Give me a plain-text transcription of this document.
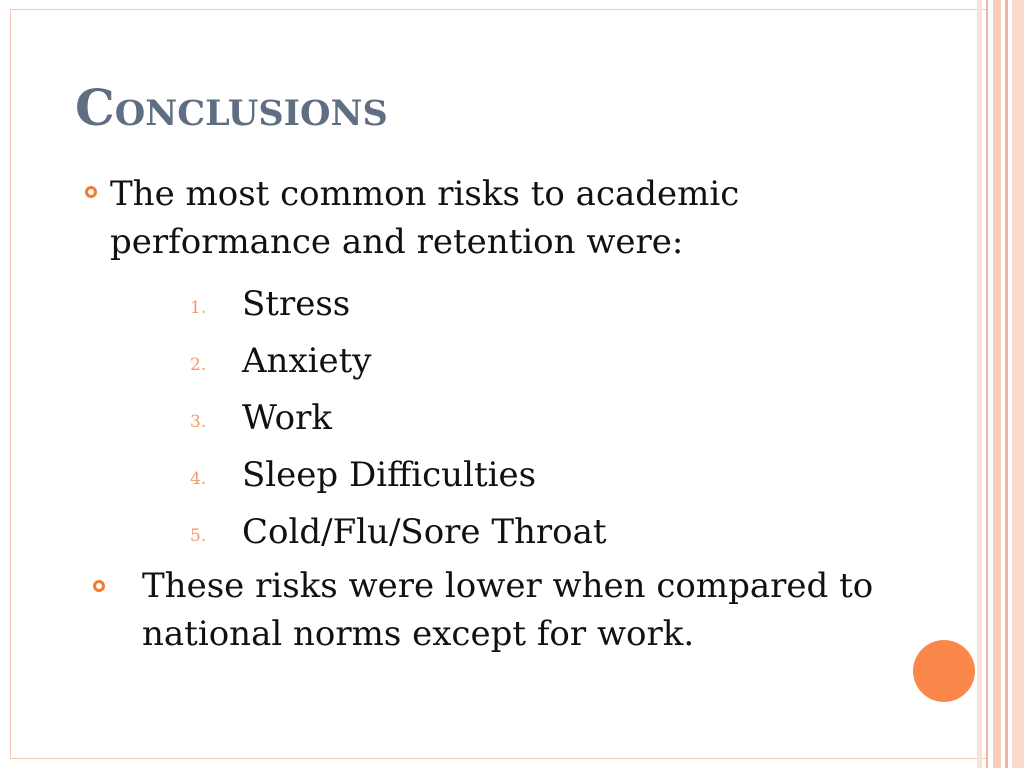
Conclusions

The most common risks to academic performance and retention were:

1.	Stress
2.	Anxiety
3.	Work
4.	Sleep Difficulties
5.	Cold/Flu/Sore Throat

These risks were lower when compared to national norms except for work.
